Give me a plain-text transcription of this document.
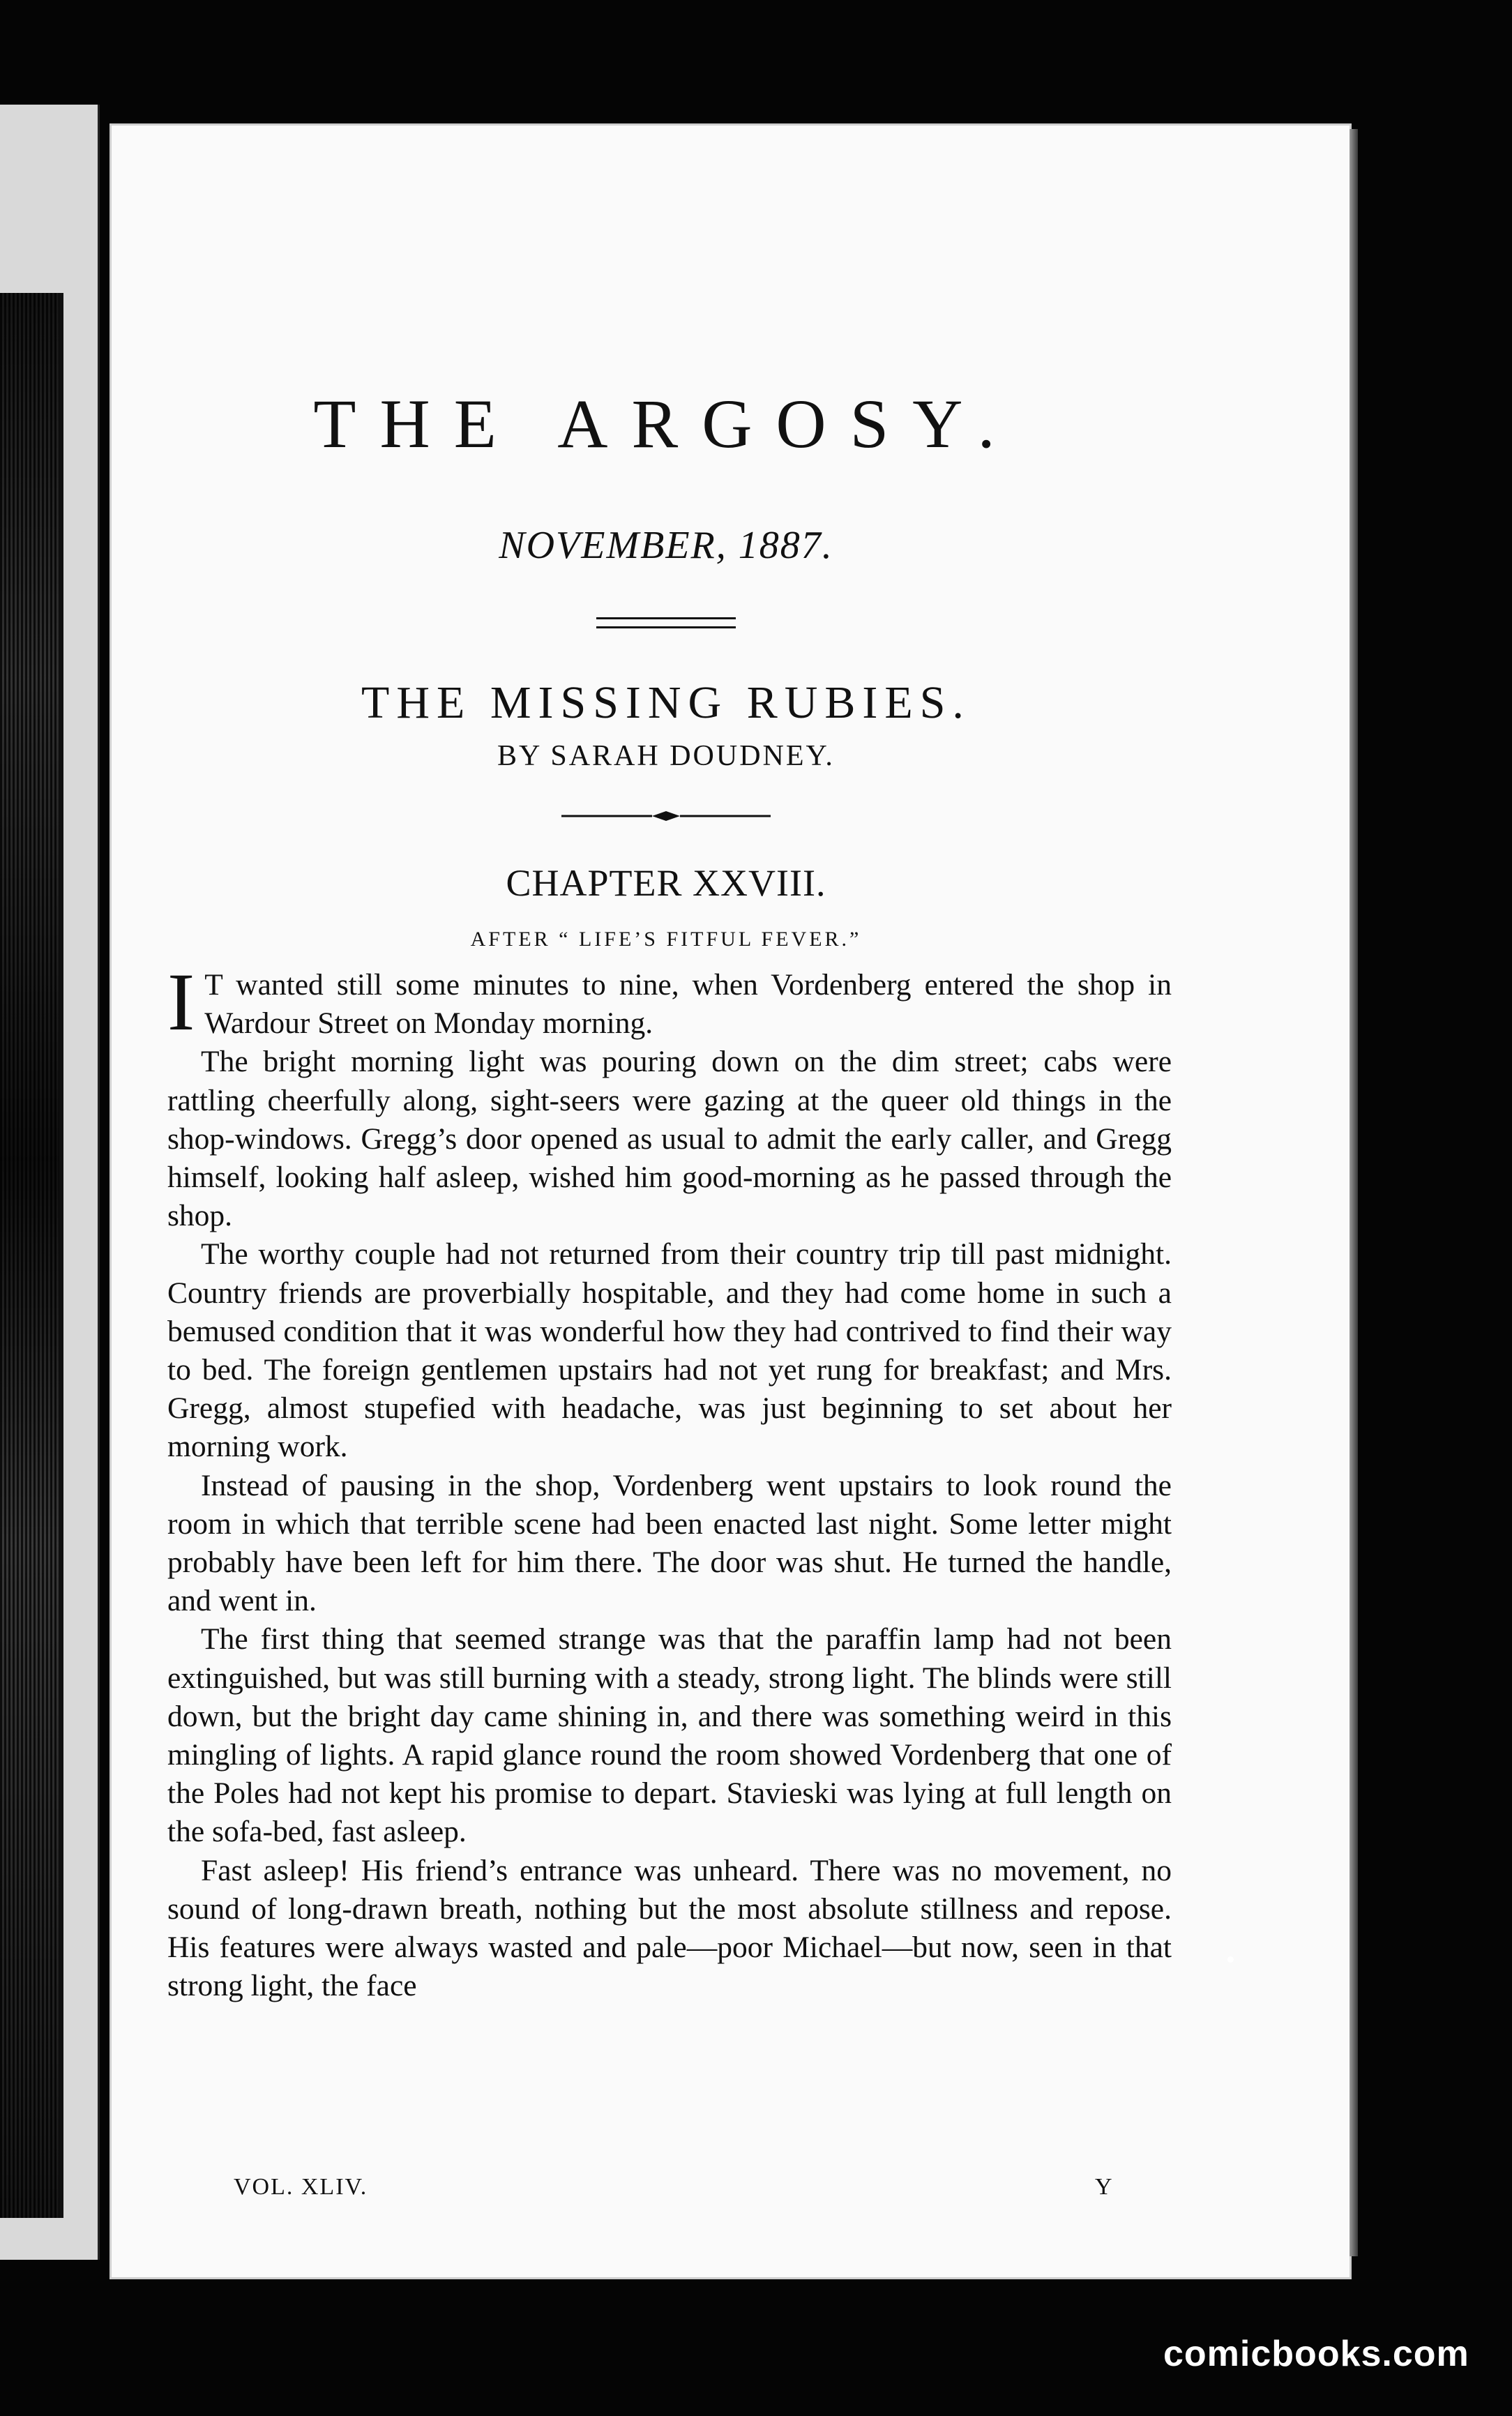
THE ARGOSY.
NOVEMBER, 1887.
THE MISSING RUBIES.
BY SARAH DOUDNEY.
CHAPTER XXVIII.
AFTER “ LIFE’S FITFUL FEVER.”

I T wanted still some minutes to nine, when Vordenberg entered the shop in Wardour Street on Monday morning.

The bright morning light was pouring down on the dim street; cabs were rattling cheerfully along, sight-seers were gazing at the queer old things in the shop-windows. Gregg’s door opened as usual to admit the early caller, and Gregg himself, looking half asleep, wished him good-morning as he passed through the shop.

The worthy couple had not returned from their country trip till past midnight. Country friends are proverbially hospitable, and they had come home in such a bemused condition that it was wonderful how they had contrived to find their way to bed. The foreign gentlemen upstairs had not yet rung for breakfast; and Mrs. Gregg, almost stupefied with headache, was just beginning to set about her morning work.

Instead of pausing in the shop, Vordenberg went upstairs to look round the room in which that terrible scene had been enacted last night. Some letter might probably have been left for him there. The door was shut. He turned the handle, and went in.

The first thing that seemed strange was that the paraffin lamp had not been extinguished, but was still burning with a steady, strong light. The blinds were still down, but the bright day came shining in, and there was something weird in this mingling of lights. A rapid glance round the room showed Vordenberg that one of the Poles had not kept his promise to depart. Stavieski was lying at full length on the sofa-bed, fast asleep.

Fast asleep! His friend’s entrance was unheard. There was no movement, no sound of long-drawn breath, nothing but the most absolute stillness and repose. His features were always wasted and pale—poor Michael—but now, seen in that strong light, the face

VOL. XLIV.	Y
comicbooks.com
